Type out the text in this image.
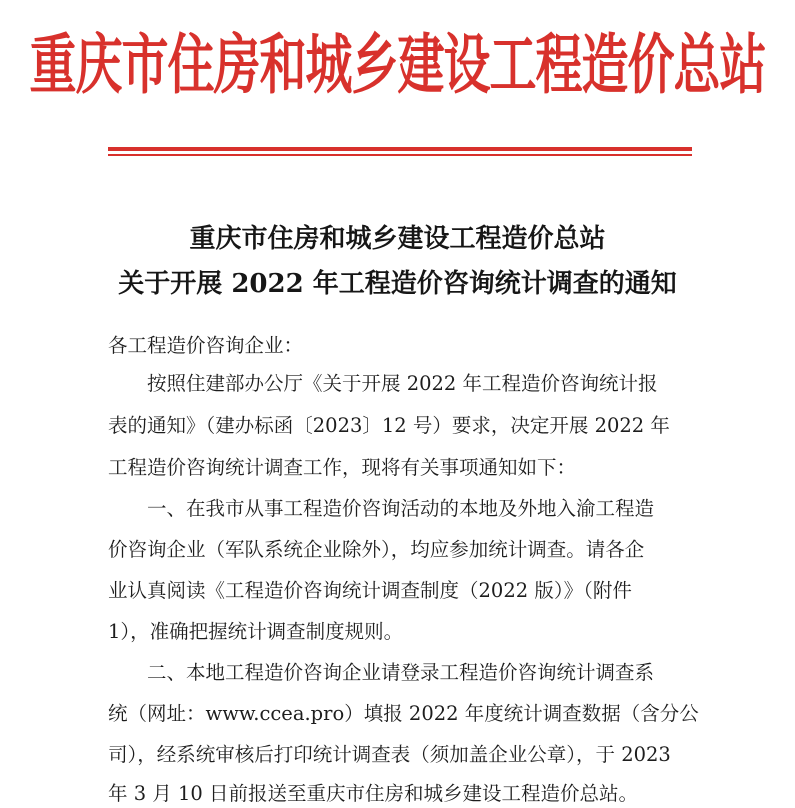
重庆市住房和城乡建设工程造价总站
重庆市住房和城乡建设工程造价总站
关于开展 2022 年工程造价咨询统计调查的通知
各工程造价咨询企业：
按照住建部办公厅《关于开展 2022 年工程造价咨询统计报
表的通知》（建办标函〔2023〕12 号）要求，决定开展 2022 年
工程造价咨询统计调查工作，现将有关事项通知如下：
一、在我市从事工程造价咨询活动的本地及外地入渝工程造
价咨询企业（军队系统企业除外），均应参加统计调查。请各企
业认真阅读《工程造价咨询统计调查制度（2022 版）》（附件
1），准确把握统计调查制度规则。
二、本地工程造价咨询企业请登录工程造价咨询统计调查系
统（网址：www.ccea.pro）填报 2022 年度统计调查数据（含分公
司），经系统审核后打印统计调查表（须加盖企业公章），于 2023
年 3 月 10 日前报送至重庆市住房和城乡建设工程造价总站。
